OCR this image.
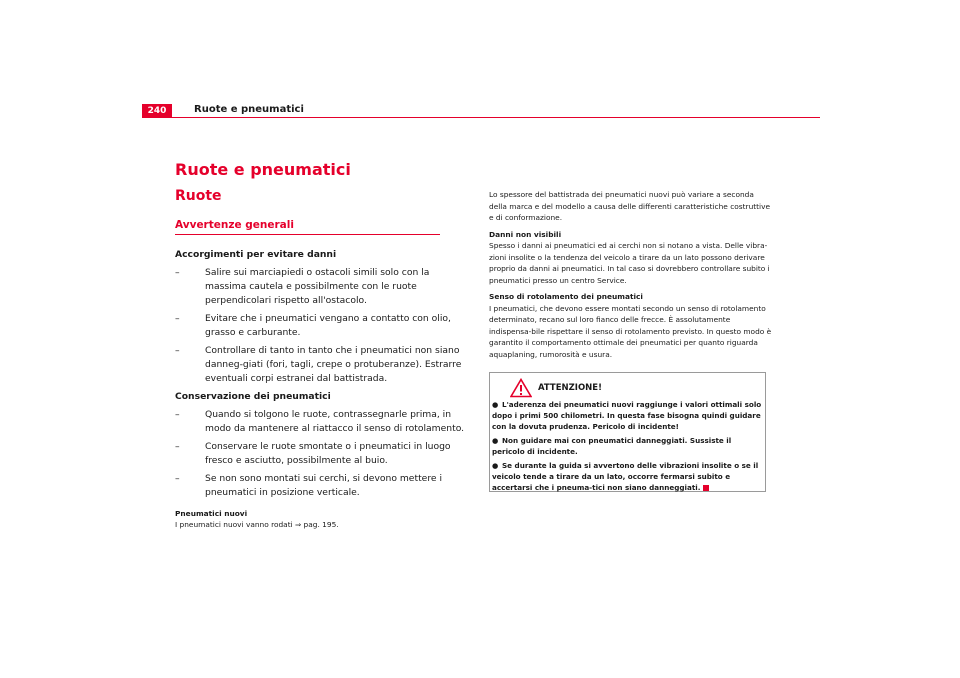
240	Ruote e pneumatici
Ruote e pneumatici
Ruote
Avvertenze generali
Accorgimenti per evitare danni
–	Salire sui marciapiedi o ostacoli simili solo con la massima cautela e possibilmente con le ruote perpendicolari rispetto all'ostacolo.
–	Evitare che i pneumatici vengano a contatto con olio, grasso e carburante.
–	Controllare di tanto in tanto che i pneumatici non siano danneg-giati (fori, tagli, crepe o protuberanze). Estrarre eventuali corpi estranei dal battistrada.
Conservazione dei pneumatici
–	Quando si tolgono le ruote, contrassegnarle prima, in modo da mantenere al riattacco il senso di rotolamento.
–	Conservare le ruote smontate o i pneumatici in luogo fresco e asciutto, possibilmente al buio.
–	Se non sono montati sui cerchi, si devono mettere i pneumatici in posizione verticale.
Pneumatici nuovi
I pneumatici nuovi vanno rodati ⇒ pag. 195.

Lo spessore del battistrada dei pneumatici nuovi può variare a seconda della marca e del modello a causa delle differenti caratteristiche costruttive e di conformazione.

Danni non visibili

Spesso i danni ai pneumatici ed ai cerchi non si notano a vista. Delle vibra-zioni insolite o la tendenza del veicolo a tirare da un lato possono derivare proprio da danni ai pneumatici. In tal caso si dovrebbero controllare subito i pneumatici presso un centro Service.

Senso di rotolamento dei pneumatici

I pneumatici, che devono essere montati secondo un senso di rotolamento determinato, recano sul loro fianco delle frecce. È assolutamente indispensa-bile rispettare il senso di rotolamento previsto. In questo modo è garantito il comportamento ottimale dei pneumatici per quanto riguarda aquaplaning, rumorosità e usura.

ATTENZIONE!
● L'aderenza dei pneumatici nuovi raggiunge i valori ottimali solo dopo i primi 500 chilometri. In questa fase bisogna quindi guidare con la dovuta prudenza. Pericolo di incidente!
● Non guidare mai con pneumatici danneggiati. Sussiste il pericolo di incidente.
● Se durante la guida si avvertono delle vibrazioni insolite o se il veicolo tende a tirare da un lato, occorre fermarsi subito e accertarsi che i pneuma-tici non siano danneggiati.
